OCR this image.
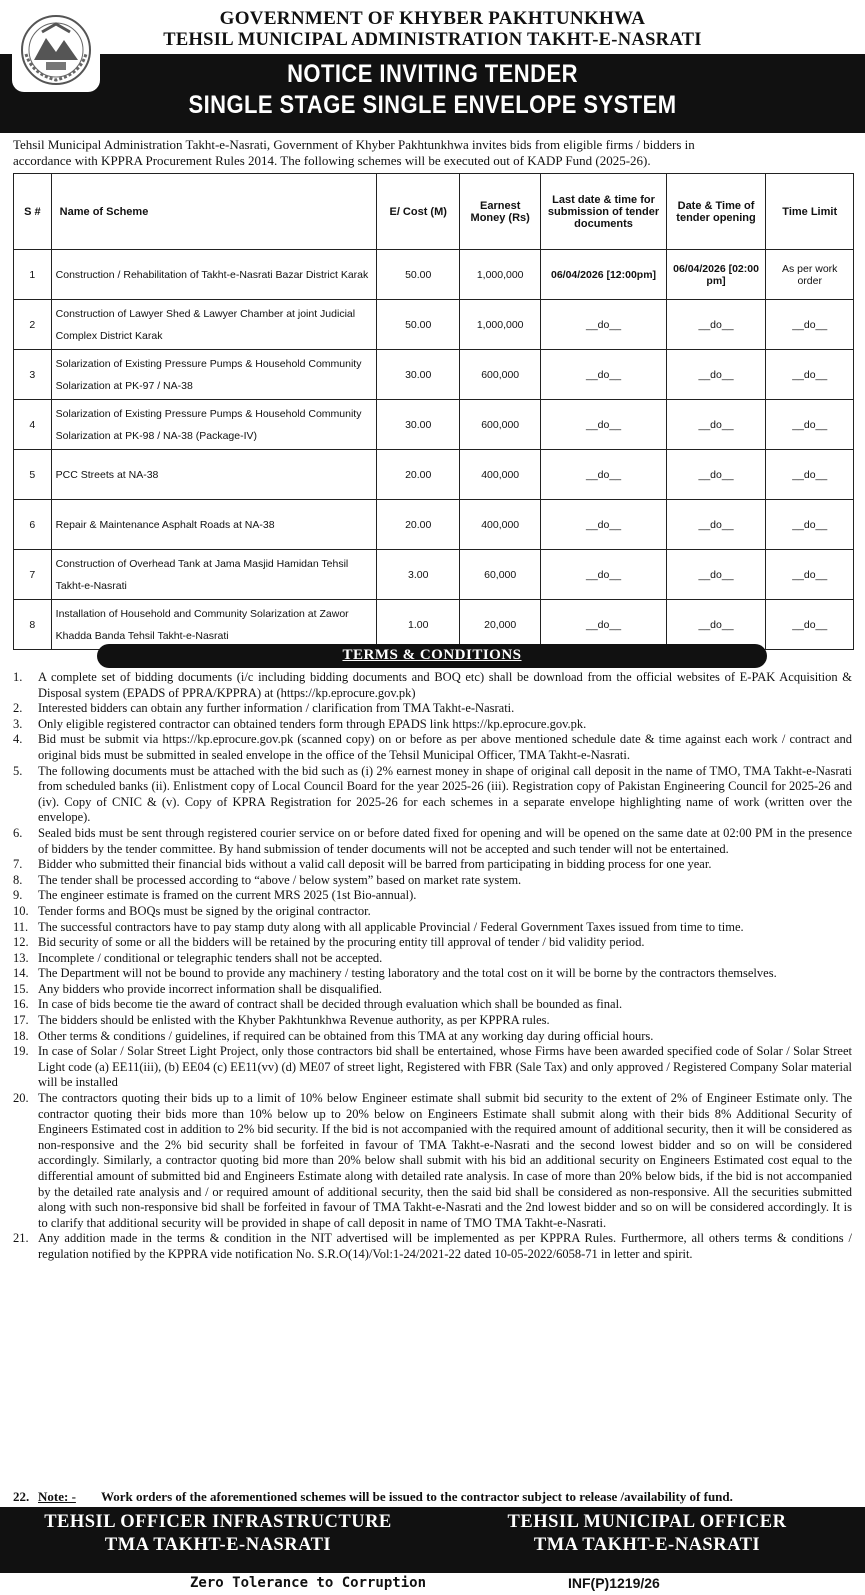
GOVERNMENT OF KHYBER PAKHTUNKHWA
TEHSIL MUNICIPAL ADMINISTRATION TAKHT-E-NASRATI
NOTICE INVITING TENDER
SINGLE STAGE SINGLE ENVELOPE SYSTEM
Tehsil Municipal Administration Takht-e-Nasrati, Government of Khyber Pakhtunkhwa invites bids from eligible firms / bidders in
accordance with KPPRA Procurement Rules 2014. The following schemes will be executed out of KADP Fund (2025-26).
S #	Name of Scheme	E/ Cost (M)	Earnest Money (Rs)	Last date & time for submission of tender documents	Date & Time of tender opening	Time Limit
1	Construction / Rehabilitation of Takht-e-Nasrati Bazar District Karak	50.00	1,000,000	06/04/2026 [12:00pm]	06/04/2026 [02:00 pm]	As per work order
2	Construction of Lawyer Shed & Lawyer Chamber at joint Judicial Complex District Karak	50.00	1,000,000	__do__	__do__	__do__
3	Solarization of Existing Pressure Pumps & Household Community Solarization at PK-97 / NA-38	30.00	600,000	__do__	__do__	__do__
4	Solarization of Existing Pressure Pumps & Household Community Solarization at PK-98 / NA-38 (Package-IV)	30.00	600,000	__do__	__do__	__do__
5	PCC Streets at NA-38	20.00	400,000	__do__	__do__	__do__
6	Repair & Maintenance Asphalt Roads at NA-38	20.00	400,000	__do__	__do__	__do__
7	Construction of Overhead Tank at Jama Masjid Hamidan Tehsil Takht-e-Nasrati	3.00	60,000	__do__	__do__	__do__
8	Installation of Household and Community Solarization at Zawor Khadda Banda Tehsil Takht-e-Nasrati	1.00	20,000	__do__	__do__	__do__
TERMS & CONDITIONS
1. A complete set of bidding documents (i/c including bidding documents and BOQ etc) shall be download from the official websites of E-PAK Acquisition & Disposal system (EPADS of PPRA/KPPRA) at (https://kp.eprocure.gov.pk)
2. Interested bidders can obtain any further information / clarification from TMA Takht-e-Nasrati.
3. Only eligible registered contractor can obtained tenders form through EPADS link https://kp.eprocure.gov.pk.
4. Bid must be submit via https://kp.eprocure.gov.pk (scanned copy) on or before as per above mentioned schedule date & time against each work / contract and original bids must be submitted in sealed envelope in the office of the Tehsil Municipal Officer, TMA Takht-e-Nasrati.
5. The following documents must be attached with the bid such as (i) 2% earnest money in shape of original call deposit in the name of TMO, TMA Takht-e-Nasrati from scheduled banks (ii). Enlistment copy of Local Council Board for the year 2025-26 (iii). Registration copy of Pakistan Engineering Council for 2025-26 and (iv). Copy of CNIC & (v). Copy of KPRA Registration for 2025-26 for each schemes in a separate envelope highlighting name of work (written over the envelope).
6. Sealed bids must be sent through registered courier service on or before dated fixed for opening and will be opened on the same date at 02:00 PM in the presence of bidders by the tender committee. By hand submission of tender documents will not be accepted and such tender will not be entertained.
7. Bidder who submitted their financial bids without a valid call deposit will be barred from participating in bidding process for one year.
8. The tender shall be processed according to “above / below system” based on market rate system.
9. The engineer estimate is framed on the current MRS 2025 (1st Bio-annual).
10. Tender forms and BOQs must be signed by the original contractor.
11. The successful contractors have to pay stamp duty along with all applicable Provincial / Federal Government Taxes issued from time to time.
12. Bid security of some or all the bidders will be retained by the procuring entity till approval of tender / bid validity period.
13. Incomplete / conditional or telegraphic tenders shall not be accepted.
14. The Department will not be bound to provide any machinery / testing laboratory and the total cost on it will be borne by the contractors themselves.
15. Any bidders who provide incorrect information shall be disqualified.
16. In case of bids become tie the award of contract shall be decided through evaluation which shall be bounded as final.
17. The bidders should be enlisted with the Khyber Pakhtunkhwa Revenue authority, as per KPPRA rules.
18. Other terms & conditions / guidelines, if required can be obtained from this TMA at any working day during official hours.
19. In case of Solar / Solar Street Light Project, only those contractors bid shall be entertained, whose Firms have been awarded specified code of Solar / Solar Street Light code (a) EE11(iii), (b) EE04 (c) EE11(vv) (d) ME07 of street light, Registered with FBR (Sale Tax) and only approved / Registered Company Solar material will be installed
20. The contractors quoting their bids up to a limit of 10% below Engineer estimate shall submit bid security to the extent of 2% of Engineer Estimate only. The contractor quoting their bids more than 10% below up to 20% below on Engineers Estimate shall submit along with their bids 8% Additional Security of Engineers Estimated cost in addition to 2% bid security. If the bid is not accompanied with the required amount of additional security, then it will be considered as non-responsive and the 2% bid security shall be forfeited in favour of TMA Takht-e-Nasrati and the second lowest bidder and so on will be considered accordingly. Similarly, a contractor quoting bid more than 20% below shall submit with his bid an additional security on Engineers Estimated cost equal to the differential amount of submitted bid and Engineers Estimate along with detailed rate analysis. In case of more than 20% below bids, if the bid is not accompanied by the detailed rate analysis and / or required amount of additional security, then the said bid shall be considered as non-responsive. All the securities submitted along with such non-responsive bid shall be forfeited in favour of TMA Takht-e-Nasrati and the 2nd lowest bidder and so on will be considered accordingly. It is to clarify that additional security will be provided in shape of call deposit in name of TMO TMA Takht-e-Nasrati.
21. Any addition made in the terms & condition in the NIT advertised will be implemented as per KPPRA Rules. Furthermore, all others terms & conditions / regulation notified by the KPPRA vide notification No. S.R.O(14)/Vol:1-24/2021-22 dated 10-05-2022/6058-71 in letter and spirit.
22. Note: - Work orders of the aforementioned schemes will be issued to the contractor subject to release /availability of fund.
TEHSIL OFFICER INFRASTRUCTURE
TMA TAKHT-E-NASRATI
TEHSIL MUNICIPAL OFFICER
TMA TAKHT-E-NASRATI
Zero Tolerance to Corruption	INF(P)1219/26
